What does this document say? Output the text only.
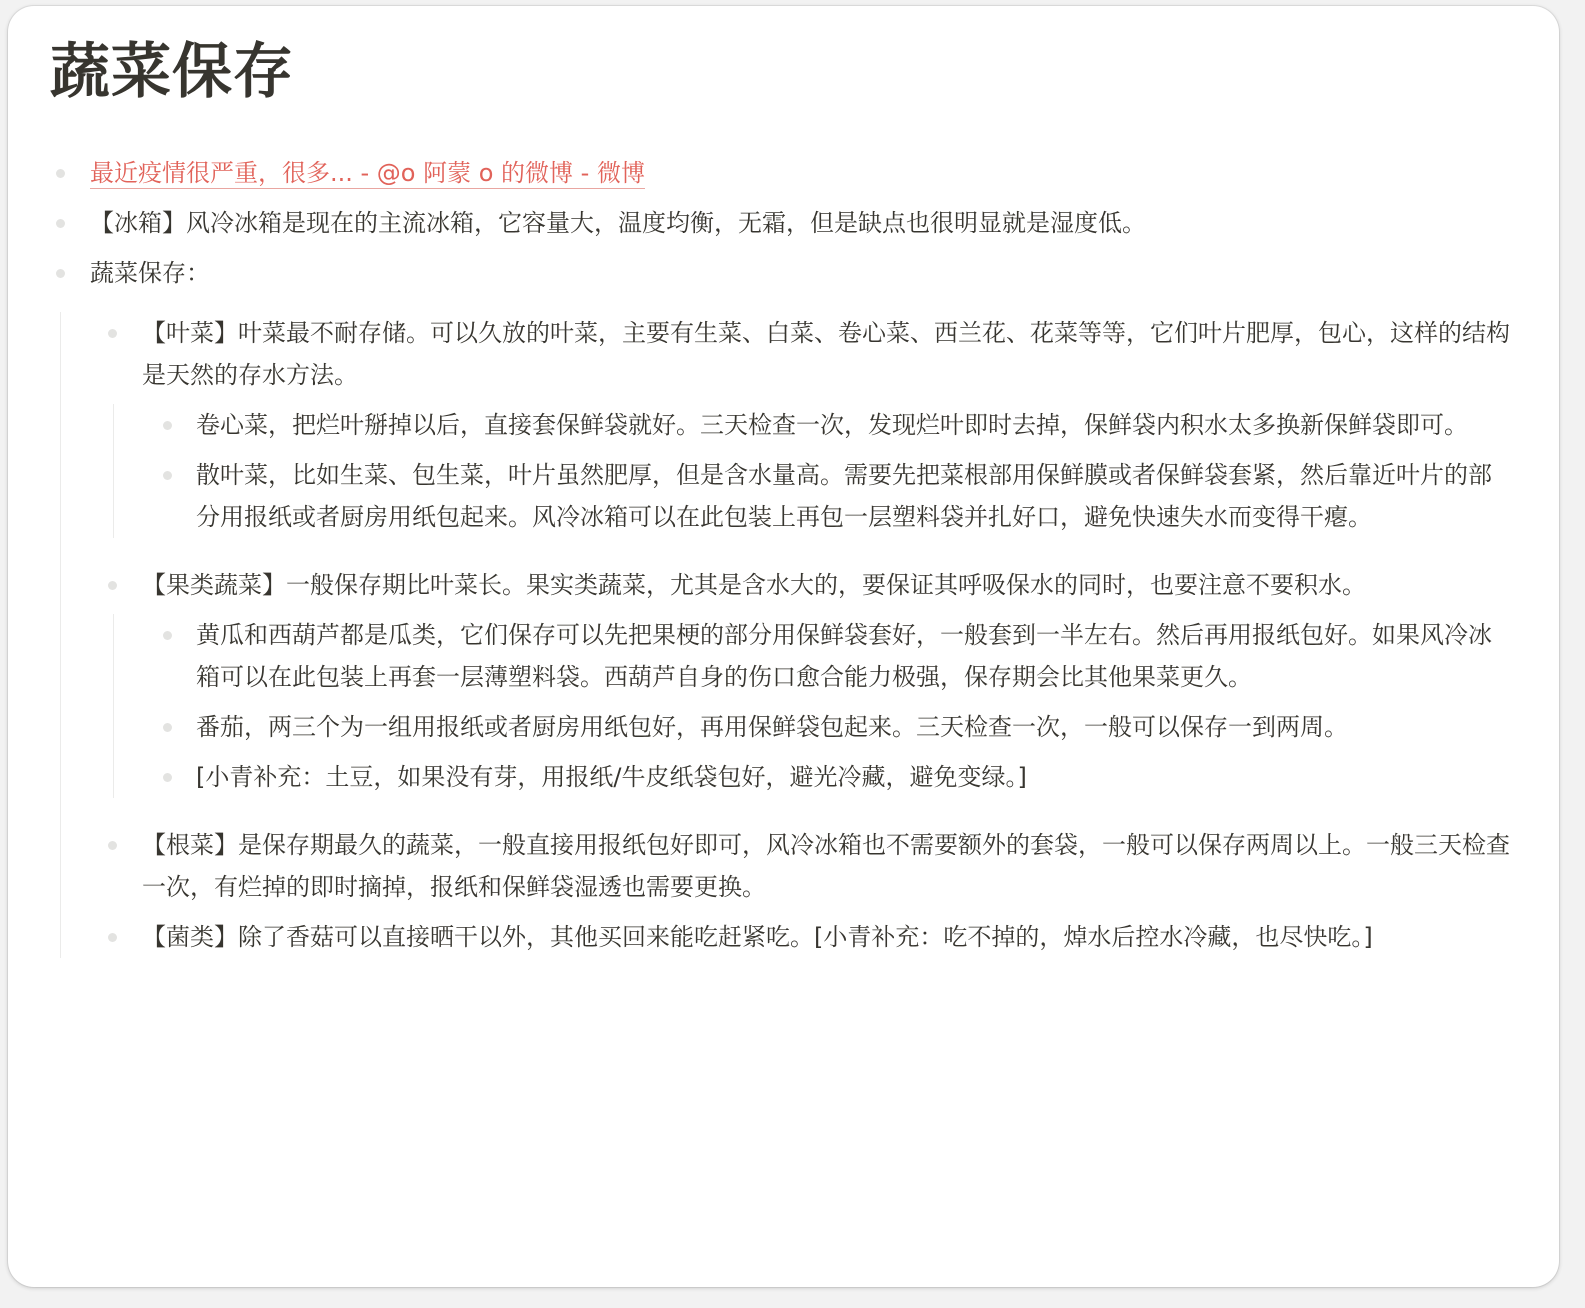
蔬菜保存
最近疫情很严重，很多... - @o 阿蒙 o 的微博 - 微博
【冰箱】风冷冰箱是现在的主流冰箱，它容量大，温度均衡，无霜，但是缺点也很明显就是湿度低。
蔬菜保存：
【叶菜】叶菜最不耐存储。可以久放的叶菜，主要有生菜、白菜、卷心菜、西兰花、花菜等等，它们叶片肥厚，包心，这样的结构是天然的存水方法。
卷心菜，把烂叶掰掉以后，直接套保鲜袋就好。三天检查一次，发现烂叶即时去掉，保鲜袋内积水太多换新保鲜袋即可。
散叶菜，比如生菜、包生菜，叶片虽然肥厚，但是含水量高。需要先把菜根部用保鲜膜或者保鲜袋套紧，然后靠近叶片的部分用报纸或者厨房用纸包起来。风冷冰箱可以在此包装上再包一层塑料袋并扎好口，避免快速失水而变得干瘪。
【果类蔬菜】一般保存期比叶菜长。果实类蔬菜，尤其是含水大的，要保证其呼吸保水的同时，也要注意不要积水。
黄瓜和西葫芦都是瓜类，它们保存可以先把果梗的部分用保鲜袋套好，一般套到一半左右。然后再用报纸包好。如果风冷冰箱可以在此包装上再套一层薄塑料袋。西葫芦自身的伤口愈合能力极强，保存期会比其他果菜更久。
番茄，两三个为一组用报纸或者厨房用纸包好，再用保鲜袋包起来。三天检查一次，一般可以保存一到两周。
[小青补充：土豆，如果没有芽，用报纸/牛皮纸袋包好，避光冷藏，避免变绿。]
【根菜】是保存期最久的蔬菜，一般直接用报纸包好即可，风冷冰箱也不需要额外的套袋，一般可以保存两周以上。一般三天检查一次，有烂掉的即时摘掉，报纸和保鲜袋湿透也需要更换。
【菌类】除了香菇可以直接晒干以外，其他买回来能吃赶紧吃。[小青补充：吃不掉的，焯水后控水冷藏，也尽快吃。]
